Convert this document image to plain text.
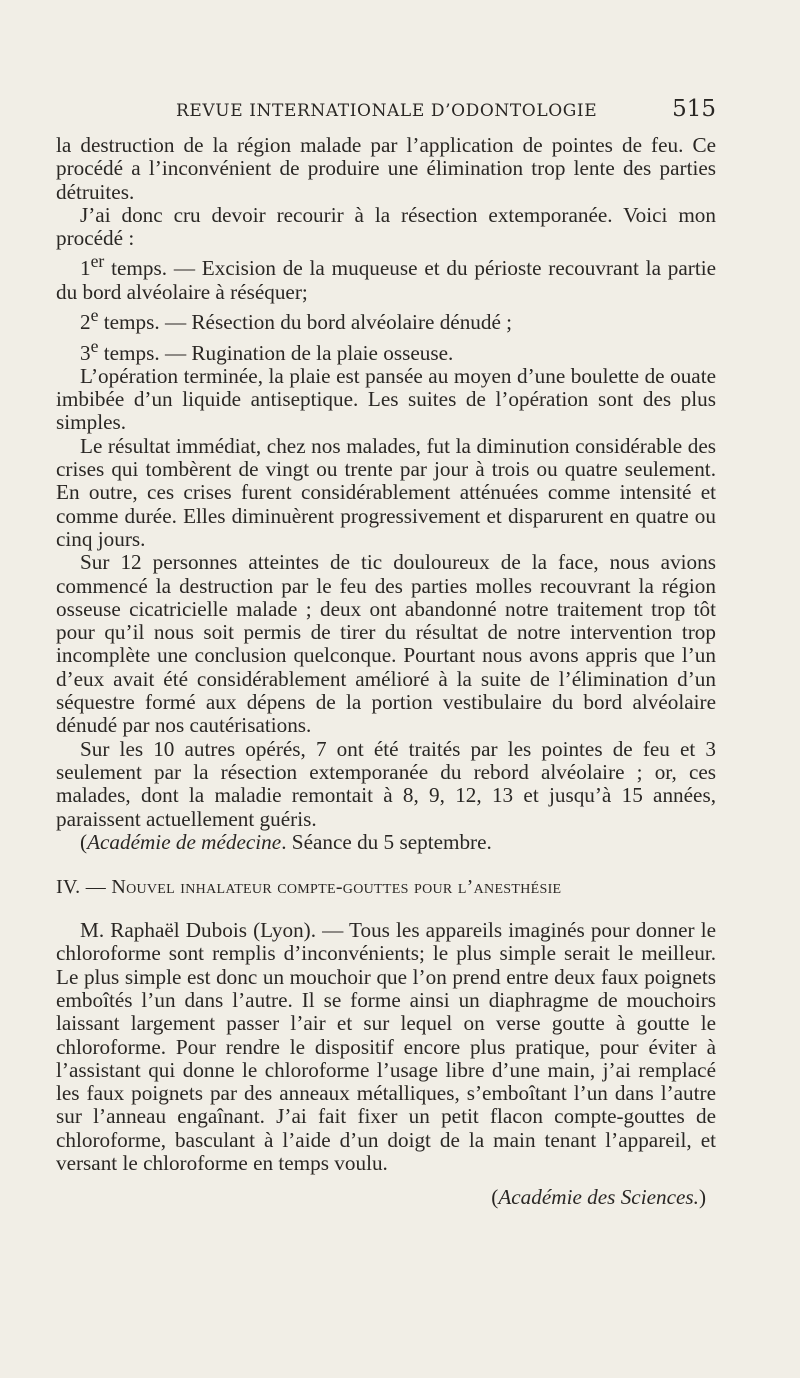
REVUE INTERNATIONALE D’ODONTOLOGIE	515

la destruction de la région malade par l’application de pointes de feu. Ce procédé a l’inconvénient de produire une élimination trop lente des parties détruites.

J’ai donc cru devoir recourir à la résection extemporanée. Voici mon procédé :

1er temps. — Excision de la muqueuse et du périoste recouvrant la partie du bord alvéolaire à réséquer;

2e temps. — Résection du bord alvéolaire dénudé ;

3e temps. — Rugination de la plaie osseuse.

L’opération terminée, la plaie est pansée au moyen d’une boulette de ouate imbibée d’un liquide antiseptique. Les suites de l’opération sont des plus simples.

Le résultat immédiat, chez nos malades, fut la diminution considérable des crises qui tombèrent de vingt ou trente par jour à trois ou quatre seulement. En outre, ces crises furent considérablement atténuées comme intensité et comme durée. Elles diminuèrent progressivement et disparurent en quatre ou cinq jours.

Sur 12 personnes atteintes de tic douloureux de la face, nous avions commencé la destruction par le feu des parties molles recouvrant la région osseuse cicatricielle malade ; deux ont abandonné notre traitement trop tôt pour qu’il nous soit permis de tirer du résultat de notre intervention trop incomplète une conclusion quelconque. Pourtant nous avons appris que l’un d’eux avait été considérablement amélioré à la suite de l’élimination d’un séquestre formé aux dépens de la portion vestibulaire du bord alvéolaire dénudé par nos cautérisations.

Sur les 10 autres opérés, 7 ont été traités par les pointes de feu et 3 seulement par la résection extemporanée du rebord alvéolaire ; or, ces malades, dont la maladie remontait à 8, 9, 12, 13 et jusqu’à 15 années, paraissent actuellement guéris.

(Académie de médecine. Séance du 5 septembre.

IV. — Nouvel inhalateur compte-gouttes pour l’anesthésie

M. Raphaël Dubois (Lyon). — Tous les appareils imaginés pour donner le chloroforme sont remplis d’inconvénients; le plus simple serait le meilleur. Le plus simple est donc un mouchoir que l’on prend entre deux faux poignets emboîtés l’un dans l’autre. Il se forme ainsi un diaphragme de mouchoirs laissant largement passer l’air et sur lequel on verse goutte à goutte le chloroforme. Pour rendre le dispositif encore plus pratique, pour éviter à l’assistant qui donne le chloroforme l’usage libre d’une main, j’ai remplacé les faux poignets par des anneaux métalliques, s’emboîtant l’un dans l’autre sur l’anneau engaînant. J’ai fait fixer un petit flacon compte-gouttes de chloroforme, basculant à l’aide d’un doigt de la main tenant l’appareil, et versant le chloroforme en temps voulu.

(Académie des Sciences.)
